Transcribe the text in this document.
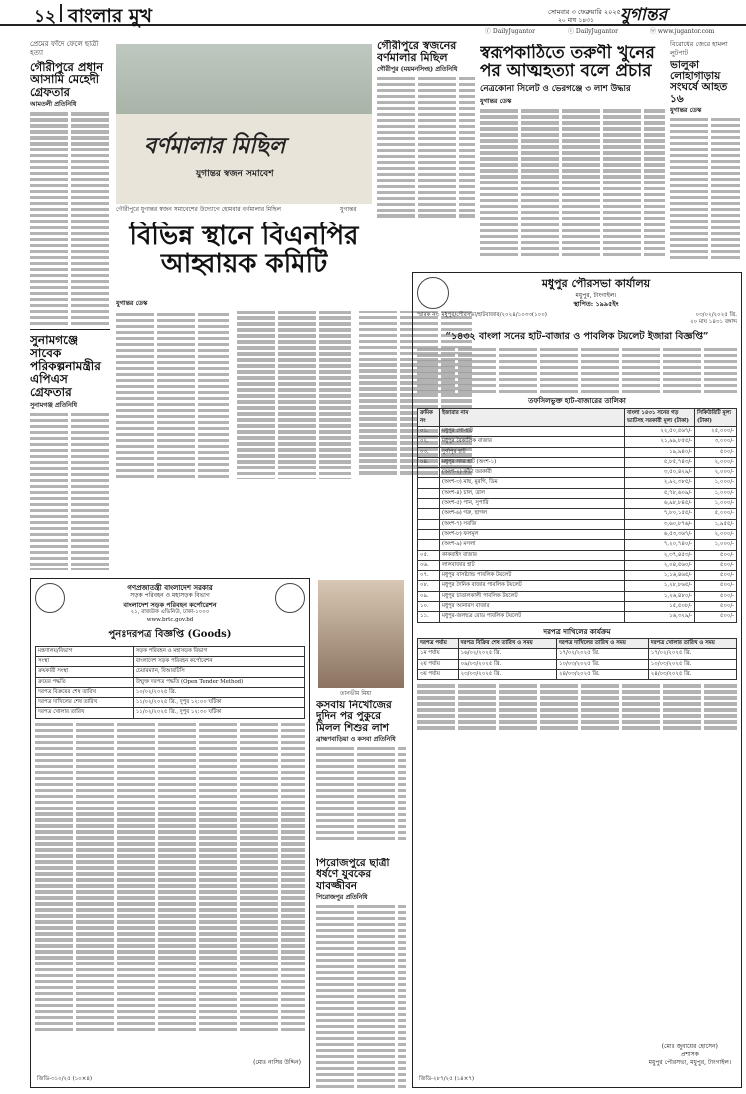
১২ বাংলার মুখ	সোমবার ৩ ফেব্রুয়ারি ২০২৫
২০ মাঘ ১৪৩১ যুগান্তর
ⓕ DailyJugantor	ⓣ DailyJugantor	ⓦ www.jugantor.com
প্রেমের ফাঁদে ফেলে ছাত্রী হত্যা
গৌরীপুরে প্রধান আসামি মেহেদী গ্রেফতার
আমতলী প্রতিনিধি
সুনামগঞ্জে সাবেক পরিকল্পনামন্ত্রীর এপিএস গ্রেফতার
সুনামগঞ্জ প্রতিনিধি
বর্ণমালার মিছিল
যুগান্তর স্বজন সমাবেশ
গৌরীপুরে যুগান্তর স্বজন সমাবেশের উদ্যোগে হোমবার বর্ণমালার মিছিল	যুগান্তর
গৌরীপুরে স্বজনের বর্ণমালার মিছিল
গৌরীপুর (ময়মনসিংহ) প্রতিনিধি
স্বরূপকাঠিতে তরুণী খুনের পর আত্মহত্যা বলে প্রচার
নেত্রকোনা সিলেট ও ভেরগঞ্জে ৩ লাশ উদ্ধার
যুগান্তর ডেস্ক
বিরোধের জেরে হামলা লুটপাট
ভালুকা লোহাগাড়ায় সংঘর্ষে আহত ১৬
যুগান্তর ডেস্ক
বিভিন্ন স্থানে বিএনপির আহ্বায়ক কমিটি
যুগান্তর ডেস্ক
গণপ্রজাতন্ত্রী বাংলাদেশ সরকার
সড়ক পরিবহন ও মহাসড়ক বিভাগ
বাংলাদেশ সড়ক পরিবহন কর্পোরেশন
২১, রাজউক এভিনিউ, ঢাকা-১০০০
www.brtc.gov.bd
পুনঃদরপত্র বিজ্ঞপ্তি (Goods)
মন্ত্রণালয়/বিভাগ	সড়ক পরিবহন ও মহাসড়ক বিভাগ
সংস্থা	বাংলাদেশ সড়ক পরিবহন কর্পোরেশন
ক্রয়কারী সংস্থা	চেয়ারম্যান, বিআরটিসি
ক্রয়ের পদ্ধতি	উন্মুক্ত দরপত্র পদ্ধতি (Open Tender Method)
দরপত্র বিক্রয়ের শেষ তারিখ	১০/০২/২০২৫ খ্রি.
দরপত্র দাখিলের শেষ তারিখ	১১/০২/২০২৫ খ্রি., দুপুর ১২:০০ ঘটিকা
দরপত্র খোলার তারিখ	১১/০২/২০২৫ খ্রি., দুপুর ১২:৩০ ঘটিকা
(মোঃ নাসির উদ্দিন)
জিডি-৩১০/২৫ (১০×৪)
তানভীম মিয়া
কসবায় নিখোঁজের দুদিন পর পুকুরে মিলল শিশুর লাশ
ব্রাহ্মণবাড়িয়া ও কসবা প্রতিনিধি
পিরোজপুরে ছাত্রী ধর্ষণে যুবকের যাবজ্জীবন
পিরোজপুর প্রতিনিধি
মধুপুর পৌরসভা কার্যালয়
মধুপুর, টাংগাইল।
স্থাপিত: ১৯৯৫ইং
স্মারক নং: মধুপুর/পৌরসভা/হাটবাজার/২০২৪/১০৩৩(১০০)	০৩/০২/২০২৫ খ্রি.
২০ মাঘ ১৪৩১ বঙ্গাব্দ
“১৪৩২ বাংলা সনের হাট-বাজার ও পাবলিক টয়লেট ইজারা বিজ্ঞপ্তি”
তফসিলভুক্ত হাট-বাজারের তালিকা
ক্রমিক নং	ইজারার নাম	বাংলা ১৪৩১ সনের গড় ভ্যাটসহ সরকারী মূল্য (টাকা)	সিকিউরিটি মূল্য (টাকা)
০১.	মধুপুর গো-হাট	২২,৫০,৫৬৭/-	২৫,০০০/-
০২.	মধুপুর বৈকালিক বাজার	২১,৯৯,৮৫৫/-	৩,০০০/-
০৩.	দুর্গাপুর হাট	১৯,৯৪০/-	৫০০/-
০৪.	মধুপুর সদর হাট (অংশ-১)	৫,৮৫,৭৪৩/-	২,০০০/-
	(অংশ-২) কাঁচা তরকারী	৩,৫০,৪২৯/-	২,০০০/-
	(অংশ-৩) মাছ, মুরগি, ডিম	২,৯২,৩৮৫/-	১,০০০/-
	(অংশ-৪) চাল, ডাল	৫,৭৮,৬০৯/-	১,০০০/-
	(অংশ-৫) পান, সুপারি	৬,৯৮,৮৪৫/-	১,০০০/-
	(অংশ-৬) গরু, ছাগল	৭,৮০,১৫৫/-	৫,০০০/-
	(অংশ-৭) সবজি	৩,৬০,৮৭৬/-	১,৯৫৫/-
	(অংশ-৮) ফলমূল	৬,৫৩,৩৬৭/-	২,০০০/-
	(অংশ-৯) মসলা	৭,২০,৭৪০/-	১,০০০/-
০৫.	কাকরাইদ বাজার	২,৩৭,৪৫৩/-	৫০০/-
০৬.	লালবাজার হাট	২,০৪,৫৬০/-	৫০০/-
০৭.	মধুপুর বাসষ্ট্যান্ড পাবলিক টয়লেট	১,১৬,৪৬৫/-	৫০০/-
০৮.	মধুপুর দৈনিক বাজার পাবলিক টয়লেট	১,২৮,৮৬৫/-	৫০০/-
০৯.	মধুপুর চাতালকালী পাবলিক টয়লেট	১,২৬,৪৮০/-	৫০০/-
১০.	মধুপুর আনারস বাজার	১৫,৫০৮/-	৫০০/-
১১.	মধুপুর-জলছত্র রোড পাবলিক টয়লেট	১৬,৩২৯/-	৫০০/-
দরপত্র দাখিলের কার্যক্রম
দরপত্র পর্যায়	দরপত্র বিক্রির শেষ তারিখ ও সময়	দরপত্র দাখিলের তারিখ ও সময়	দরপত্র খোলার তারিখ ও সময়
১ম পর্যায়	১৬/০২/২০২৫ খ্রি.	১৭/০২/২০২৫ খ্রি.	১৭/০২/২০২৫ খ্রি.
২য় পর্যায়	০৯/০৩/২০২৫ খ্রি.	১০/০৩/২০২৫ খ্রি.	১০/০৩/২০২৫ খ্রি.
৩য় পর্যায়	২৩/০৩/২০২৫ খ্রি.	২৪/০৩/২০২৫ খ্রি.	২৪/০৩/২০২৫ খ্রি.
(মোঃ জুবায়ের হোসেন)
প্রশাসক
মধুপুর পৌরসভা, মধুপুর, টাংগাইল।
জিডি-২৮৭/২৫ (১৪×৭)
